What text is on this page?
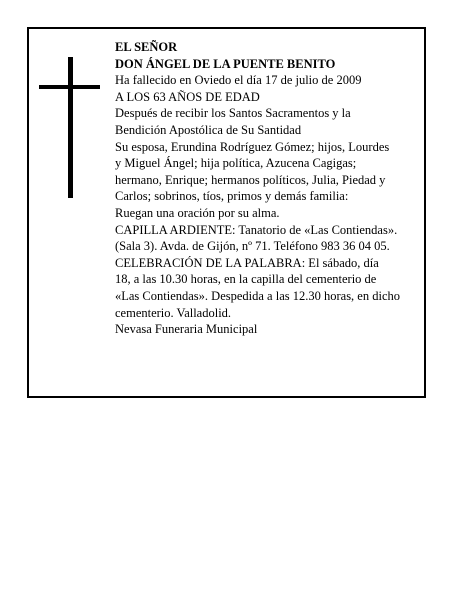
EL SEÑOR
DON ÁNGEL DE LA PUENTE BENITO
Ha fallecido en Oviedo el día 17 de julio de 2009
A LOS 63 AÑOS DE EDAD
Después de recibir los Santos Sacramentos y la
Bendición Apostólica de Su Santidad
Su esposa, Erundina Rodríguez Gómez; hijos, Lourdes
y Miguel Ángel; hija política, Azucena Cagigas;
hermano, Enrique; hermanos políticos, Julia, Piedad y
Carlos; sobrinos, tíos, primos y demás familia:
Ruegan una oración por su alma.
CAPILLA ARDIENTE: Tanatorio de «Las Contiendas».
(Sala 3). Avda. de Gijón, nº 71. Teléfono 983 36 04 05.
CELEBRACIÓN DE LA PALABRA: El sábado, día
18, a las 10.30 horas, en la capilla del cementerio de
«Las Contiendas». Despedida a las 12.30 horas, en dicho
cementerio. Valladolid.
Nevasa Funeraria Municipal
